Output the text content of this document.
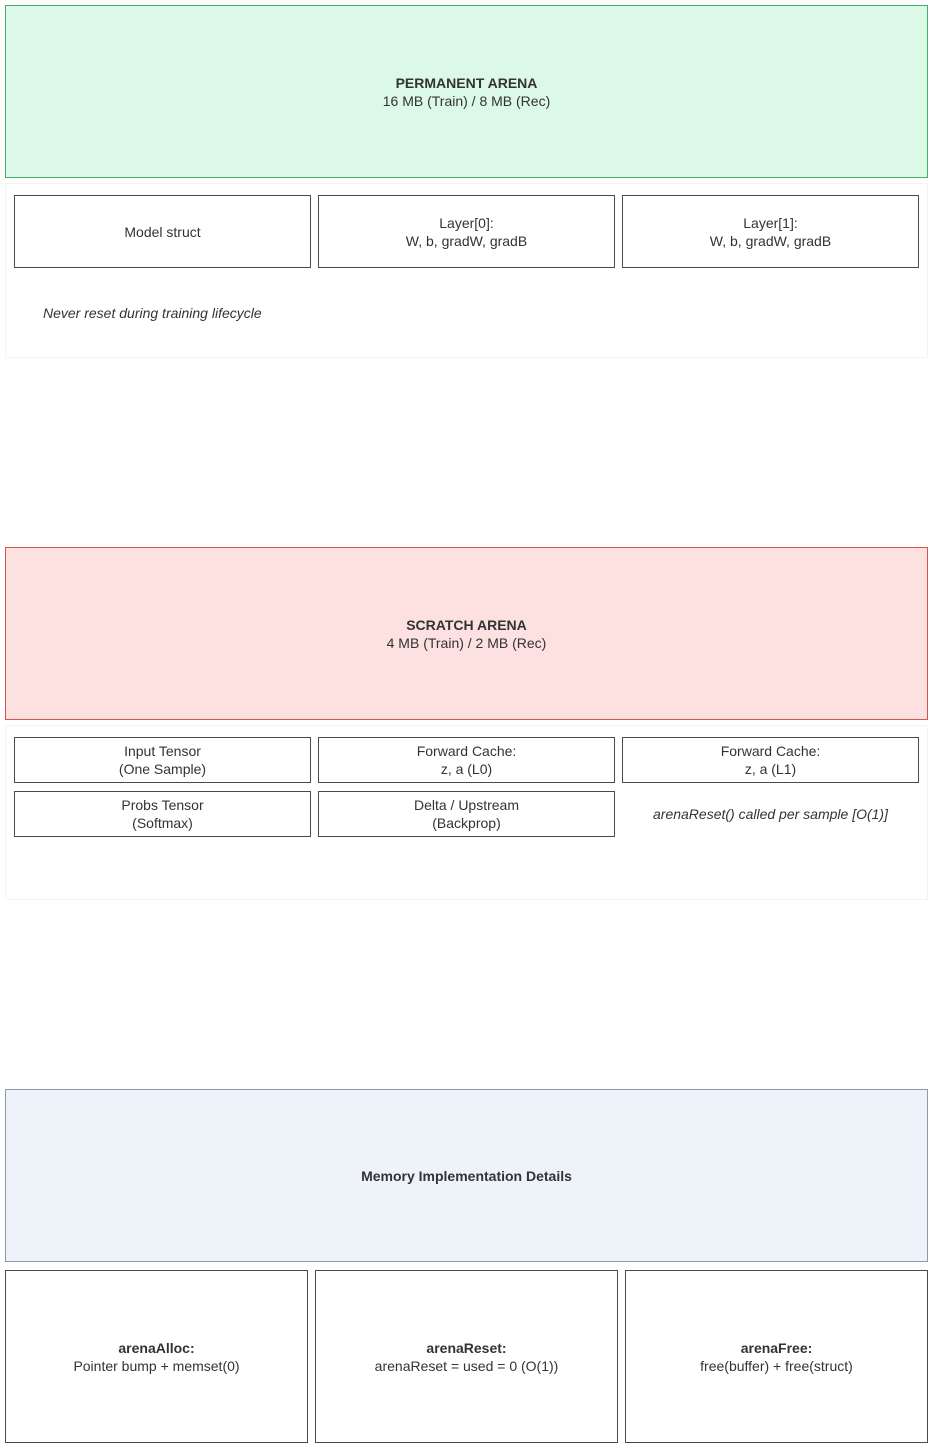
PERMANENT ARENA
16 MB (Train) / 8 MB (Rec)
Model struct
Layer[0]:
W, b, gradW, gradB
Layer[1]:
W, b, gradW, gradB
Never reset during training lifecycle
SCRATCH ARENA
4 MB (Train) / 2 MB (Rec)
Input Tensor
(One Sample)
Forward Cache:
z, a (L0)
Forward Cache:
z, a (L1)
Probs Tensor
(Softmax)
Delta / Upstream
(Backprop)
arenaReset() called per sample [O(1)]
Memory Implementation Details
arenaAlloc:
Pointer bump + memset(0)
arenaReset:
arenaReset = used = 0 (O(1))
arenaFree:
free(buffer) + free(struct)
